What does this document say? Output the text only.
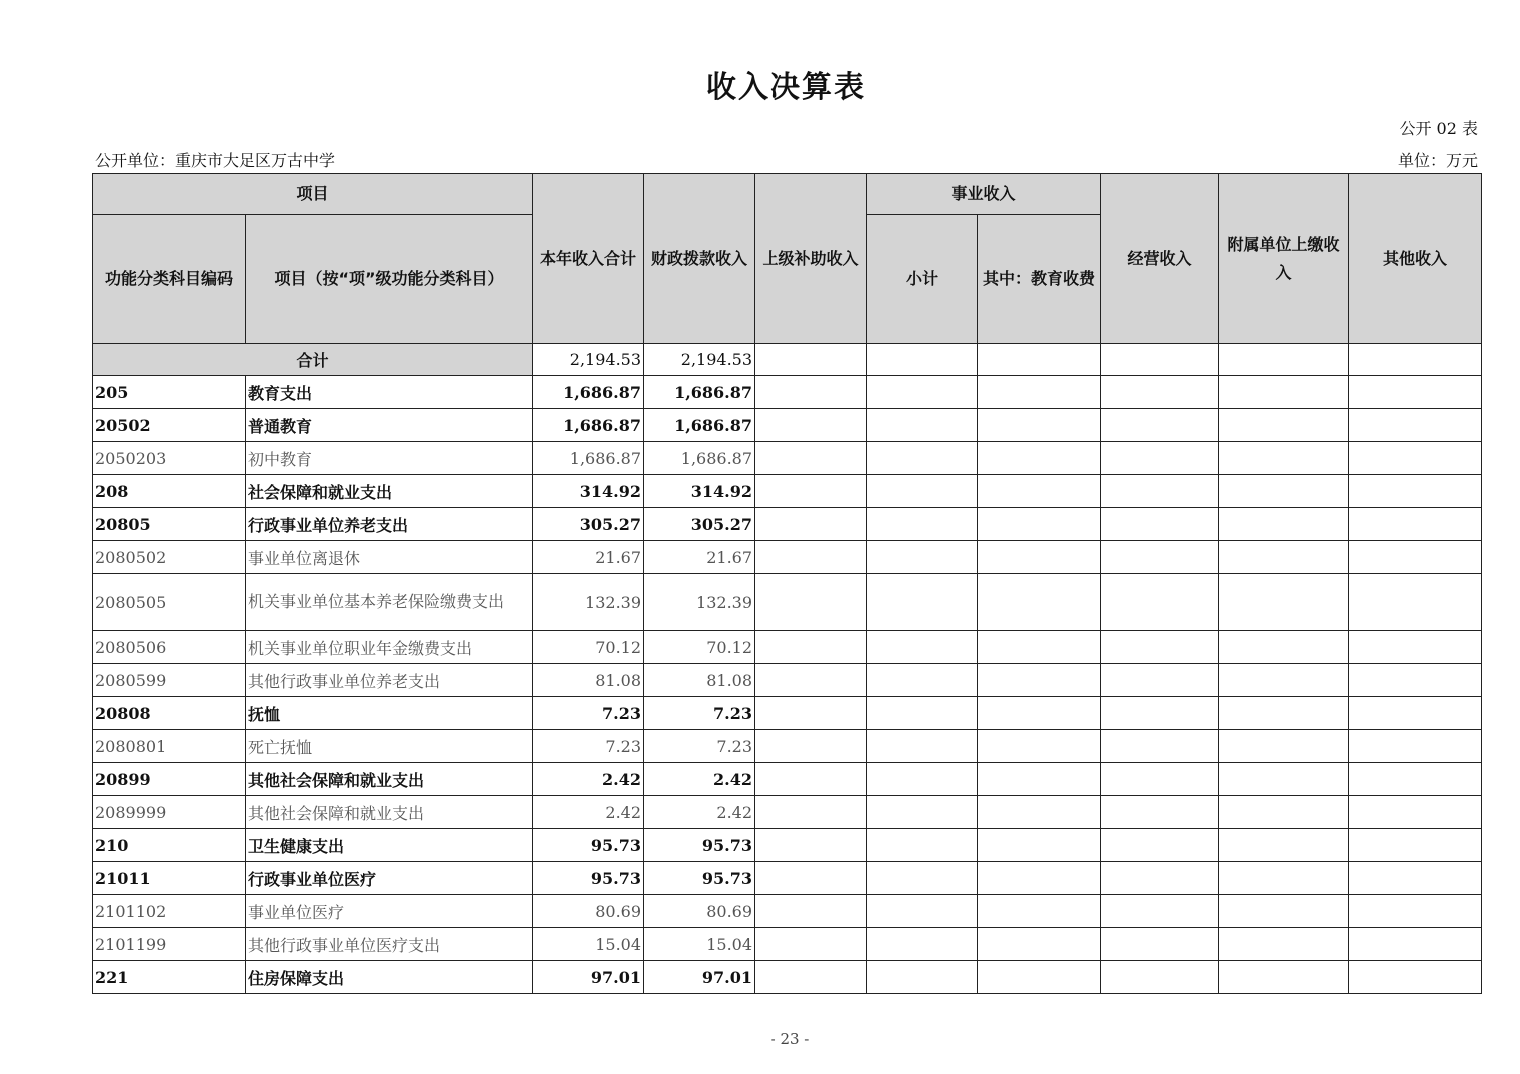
收入决算表
公开 02 表
公开单位：重庆市大足区万古中学	单位：万元
项目		本年收入合计	财政拨款收入	上级补助收入	事业收入		经营收入	附属单位上缴收入	其他收入
功能分类科目编码	项目（按“项”级功能分类科目）				小计	其中：教育收费			
合计		2,194.53	2,194.53						
205	教育支出	1,686.87	1,686.87						
20502	普通教育	1,686.87	1,686.87						
2050203	初中教育	1,686.87	1,686.87						
208	社会保障和就业支出	314.92	314.92						
20805	行政事业单位养老支出	305.27	305.27						
2080502	事业单位离退休	21.67	21.67						
2080505	机关事业单位基本养老保险缴费支出	132.39	132.39						
2080506	机关事业单位职业年金缴费支出	70.12	70.12						
2080599	其他行政事业单位养老支出	81.08	81.08						
20808	抚恤	7.23	7.23						
2080801	死亡抚恤	7.23	7.23						
20899	其他社会保障和就业支出	2.42	2.42						
2089999	其他社会保障和就业支出	2.42	2.42						
210	卫生健康支出	95.73	95.73						
21011	行政事业单位医疗	95.73	95.73						
2101102	事业单位医疗	80.69	80.69						
2101199	其他行政事业单位医疗支出	15.04	15.04						
221	住房保障支出	97.01	97.01						
- 23 -
